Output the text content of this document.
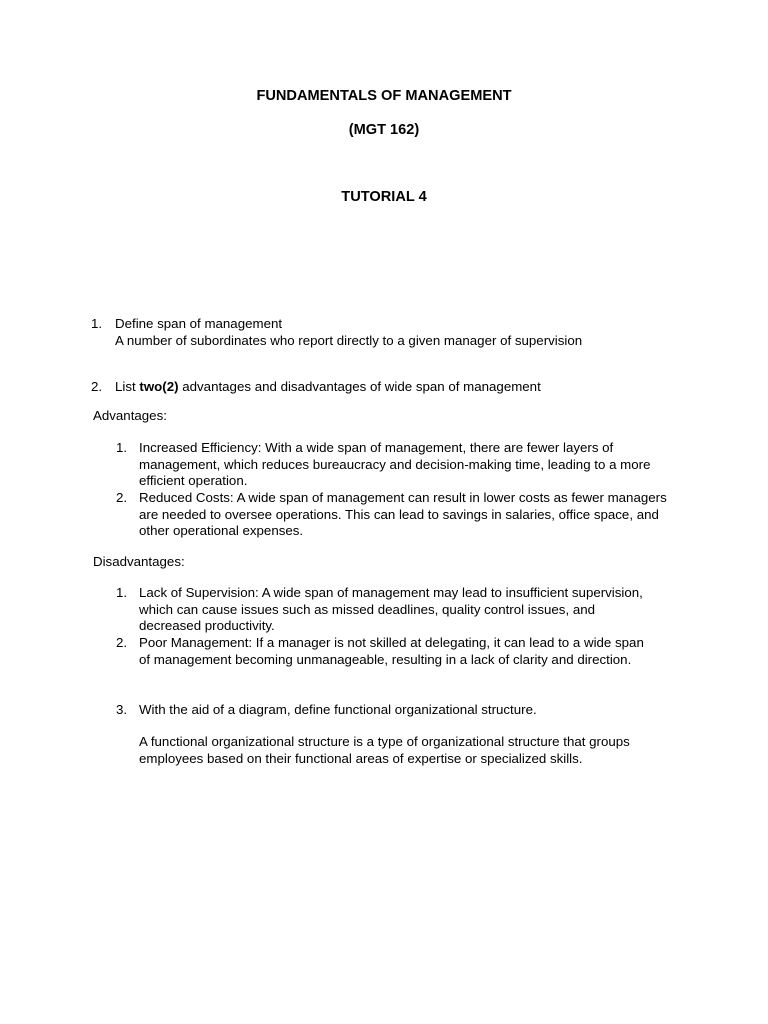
FUNDAMENTALS OF MANAGEMENT
(MGT 162)
TUTORIAL 4
1. Define span of management
A number of subordinates who report directly to a given manager of supervision
2. List two(2) advantages and disadvantages of wide span of management
Advantages:
1. Increased Efficiency: With a wide span of management, there are fewer layers of management, which reduces bureaucracy and decision-making time, leading to a more efficient operation.
2. Reduced Costs: A wide span of management can result in lower costs as fewer managers are needed to oversee operations. This can lead to savings in salaries, office space, and other operational expenses.
Disadvantages:
1. Lack of Supervision: A wide span of management may lead to insufficient supervision, which can cause issues such as missed deadlines, quality control issues, and decreased productivity.
2. Poor Management: If a manager is not skilled at delegating, it can lead to a wide span of management becoming unmanageable, resulting in a lack of clarity and direction.
3. With the aid of a diagram, define functional organizational structure.
A functional organizational structure is a type of organizational structure that groups employees based on their functional areas of expertise or specialized skills.
